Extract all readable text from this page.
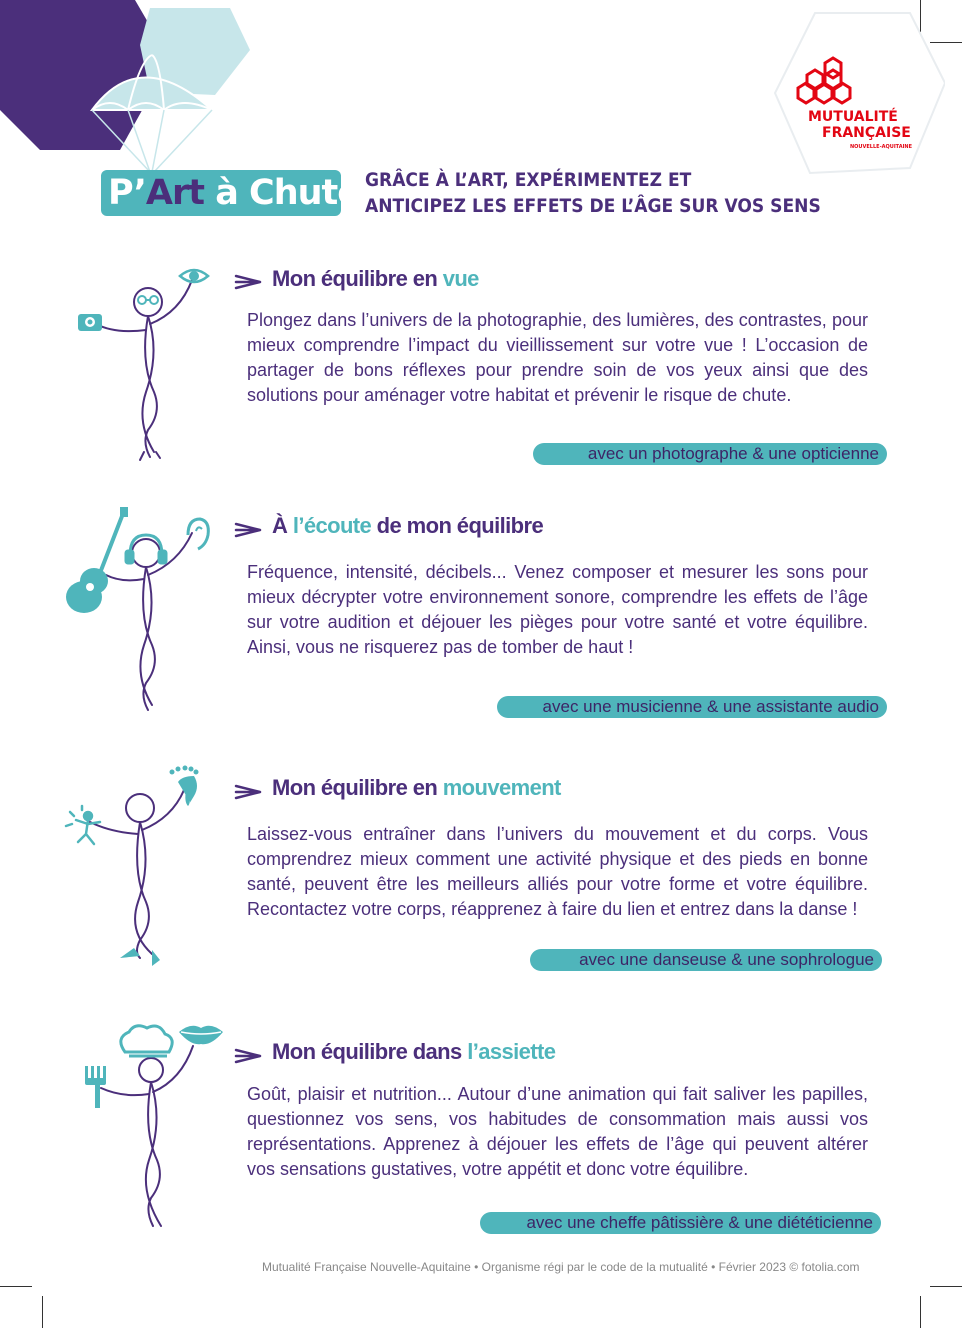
MUTUALITÉ
FRANÇAISE
NOUVELLE-AQUITAINE
P’Art à Chute GRÂCE À L’ART, EXPÉRIMENTEZ ET
ANTICIPEZ LES EFFETS DE L’ÂGE SUR VOS SENS
Mon équilibre en vue
Plongez dans l’univers de la photographie, des lumières, des contrastes, pour mieux comprendre l’impact du vieillissement sur votre vue ! L’occasion de partager de bons réflexes pour prendre soin de vos yeux ainsi que des solutions pour aménager votre habitat et prévenir le risque de chute.
avec un photographe & une opticienne
À l’écoute de mon équilibre
Fréquence, intensité, décibels... Venez composer et mesurer les sons pour mieux décrypter votre environnement sonore, comprendre les effets de l’âge sur votre audition et déjouer les pièges pour votre santé et votre équilibre. Ainsi, vous ne risquerez pas de tomber de haut !
avec une musicienne & une assistante audio
Mon équilibre en mouvement
Laissez-vous entraîner dans l’univers du mouvement et du corps. Vous comprendrez mieux comment une activité physique et des pieds en bonne santé, peuvent être les meilleurs alliés pour votre forme et votre équilibre. Recontactez votre corps, réapprenez à faire du lien et entrez dans la danse !
avec une danseuse & une sophrologue
Mon équilibre dans l’assiette
Goût, plaisir et nutrition... Autour d’une animation qui fait saliver les papilles, questionnez vos sens, vos habitudes de consommation mais aussi vos représentations. Apprenez à déjouer les effets de l’âge qui peuvent altérer vos sensations gustatives, votre appétit et donc votre équilibre.
avec une cheffe pâtissière & une diététicienne
Mutualité Française Nouvelle-Aquitaine • Organisme régi par le code de la mutualité • Février 2023 © fotolia.com
